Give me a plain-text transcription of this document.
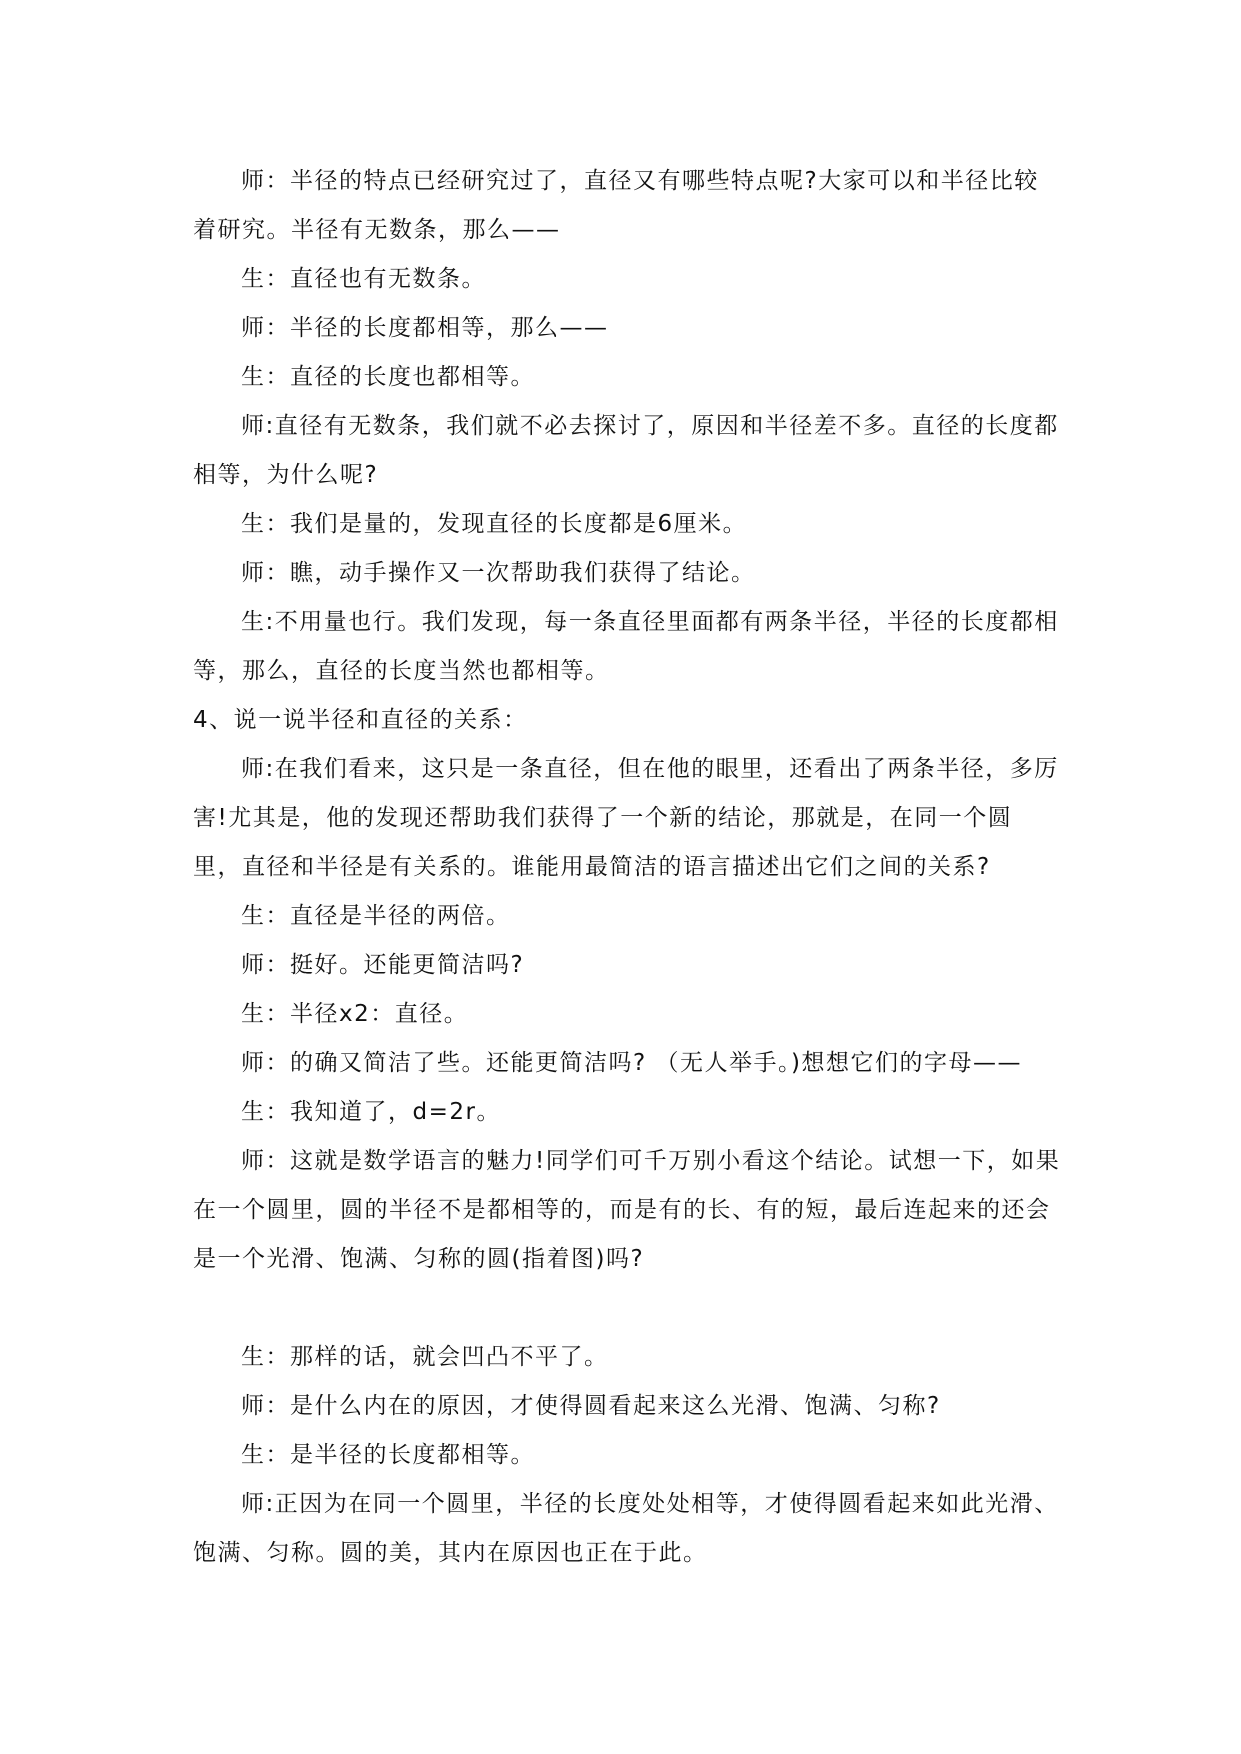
师：半径的特点已经研究过了，直径又有哪些特点呢?大家可以和半径比较着研究。半径有无数条，那么——

生：直径也有无数条。

师：半径的长度都相等，那么——

生：直径的长度也都相等。

师:直径有无数条，我们就不必去探讨了，原因和半径差不多。直径的长度都相等，为什么呢?

生：我们是量的，发现直径的长度都是6厘米。

师：瞧，动手操作又一次帮助我们获得了结论。

生:不用量也行。我们发现，每一条直径里面都有两条半径，半径的长度都相等，那么，直径的长度当然也都相等。

4、说一说半径和直径的关系：

师:在我们看来，这只是一条直径，但在他的眼里，还看出了两条半径，多厉害!尤其是，他的发现还帮助我们获得了一个新的结论，那就是，在同一个圆里，直径和半径是有关系的。谁能用最简洁的语言描述出它们之间的关系?

生：直径是半径的两倍。

师：挺好。还能更简洁吗?

生：半径x2：直径。

师：的确又简洁了些。还能更简洁吗? （无人举手。)想想它们的字母——

生：我知道了，d=2r。

师：这就是数学语言的魅力!同学们可千万别小看这个结论。试想一下，如果在一个圆里，圆的半径不是都相等的，而是有的长、有的短，最后连起来的还会是一个光滑、饱满、匀称的圆(指着图)吗?

生：那样的话，就会凹凸不平了。

师：是什么内在的原因，才使得圆看起来这么光滑、饱满、匀称?

生：是半径的长度都相等。

师:正因为在同一个圆里，半径的长度处处相等，才使得圆看起来如此光滑、饱满、匀称。圆的美，其内在原因也正在于此。
